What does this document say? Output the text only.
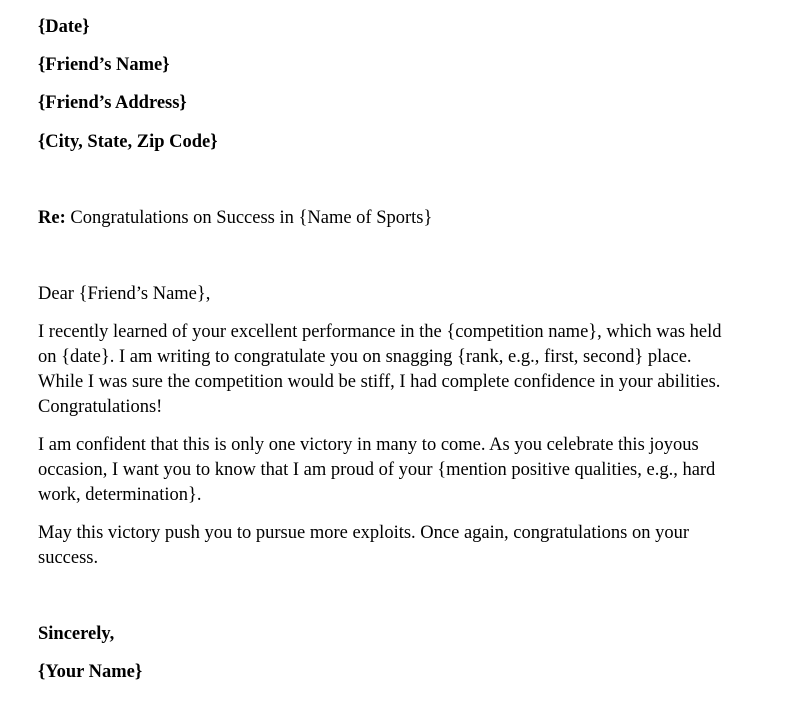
{Date}
{Friend’s Name}
{Friend’s Address}
{City, State, Zip Code}
Re: Congratulations on Success in {Name of Sports}
Dear {Friend’s Name},
I recently learned of your excellent performance in the {competition name}, which was held
on {date}. I am writing to congratulate you on snagging {rank, e.g., first, second} place.
While I was sure the competition would be stiff, I had complete confidence in your abilities.
Congratulations!
I am confident that this is only one victory in many to come. As you celebrate this joyous
occasion, I want you to know that I am proud of your {mention positive qualities, e.g., hard
work, determination}.
May this victory push you to pursue more exploits. Once again, congratulations on your
success.
Sincerely,
{Your Name}
